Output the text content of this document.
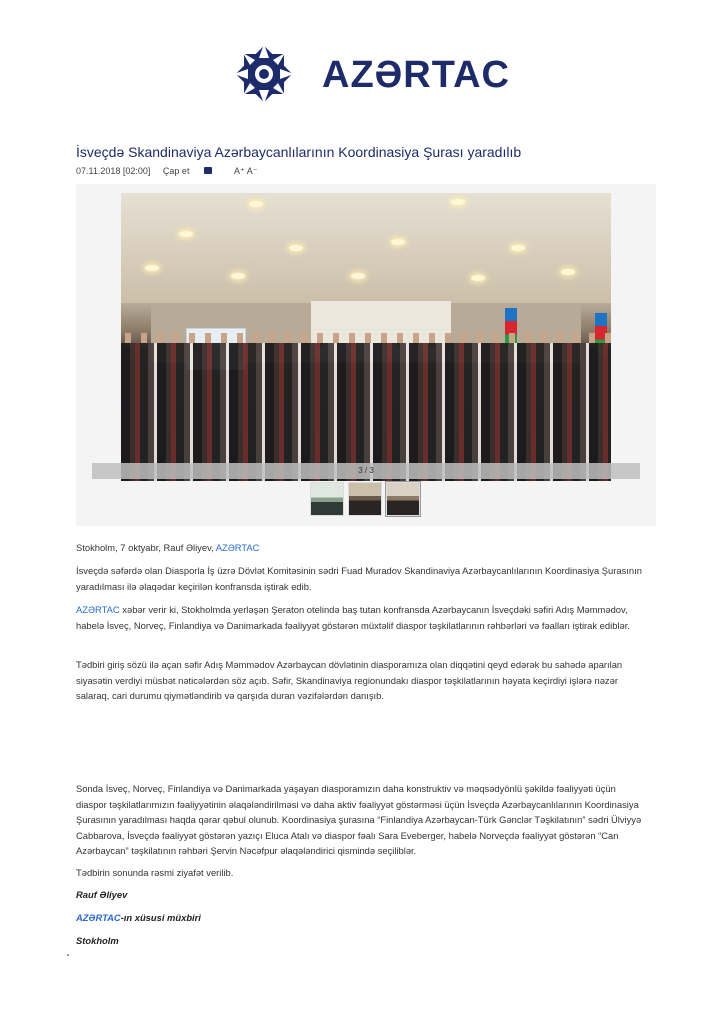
AZƏRTAC
İsveçdə Skandinaviya Azərbaycanlılarının Koordinasiya Şurası yaradılıb
07.11.2018 [02:00] Çap et	A⁺ A⁻
3 / 3

Stokholm, 7 oktyabr, Rauf Əliyev, AZƏRTAC

İsveçdə səfərdə olan Diasporla İş üzrə Dövlət Komitəsinin sədri Fuad Muradov Skandinaviya Azərbaycanlılarının Koordinasiya Şurasının yaradılması ilə əlaqədar keçirilən konfransda iştirak edib.

AZƏRTAC xəbər verir ki, Stokholmda yerləşən Şeraton otelində baş tutan konfransda Azərbaycanın İsveçdəki səfiri Adış Məmmədov, habelə İsveç, Norveç, Finlandiya və Danimarkada fəaliyyət göstərən müxtəlif diaspor təşkilatlarının rəhbərləri və fəalları iştirak ediblər.

Tədbiri giriş sözü ilə açan səfir Adış Məmmədov Azərbaycan dövlətinin diasporamıza olan diqqətini qeyd edərək bu sahədə aparılan siyasətin verdiyi müsbət nəticələrdən söz açıb. Səfir, Skandinaviya regionundakı diaspor təşkilatlarının həyata keçirdiyi işlərə nəzər salaraq, cari durumu qiymətləndirib və qarşıda duran vəzifələrdən danışıb.

Sonda İsveç, Norveç, Finlandiya və Danimarkada yaşayan diasporamızın daha konstruktiv və məqsədyönlü şəkildə fəaliyyəti üçün diaspor təşkilatlarımızın fəaliyyətinin əlaqələndirilməsi və daha aktiv fəaliyyət göstərməsi üçün İsveçdə Azərbaycanlılarının Koordinasiya Şurasının yaradılması haqda qərar qəbul olunub. Koordinasiya şurasına “Finlandiya Azərbaycan-Türk Gənclər Təşkilatının” sədri Ülviyyə Cabbarova, İsveçdə fəaliyyət göstərən yazıçı Eluca Atalı və diaspor fəalı Sara Eveberger, habelə Norveçdə fəaliyyət göstərən “Can Azərbaycan” təşkilatının rəhbəri Şervin Nəcəfpur əlaqələndirici qismində seçiliblər.

Tədbirin sonunda rəsmi ziyafət verilib.

Rauf Əliyev
AZƏRTAC-ın xüsusi müxbiri
Stokholm
